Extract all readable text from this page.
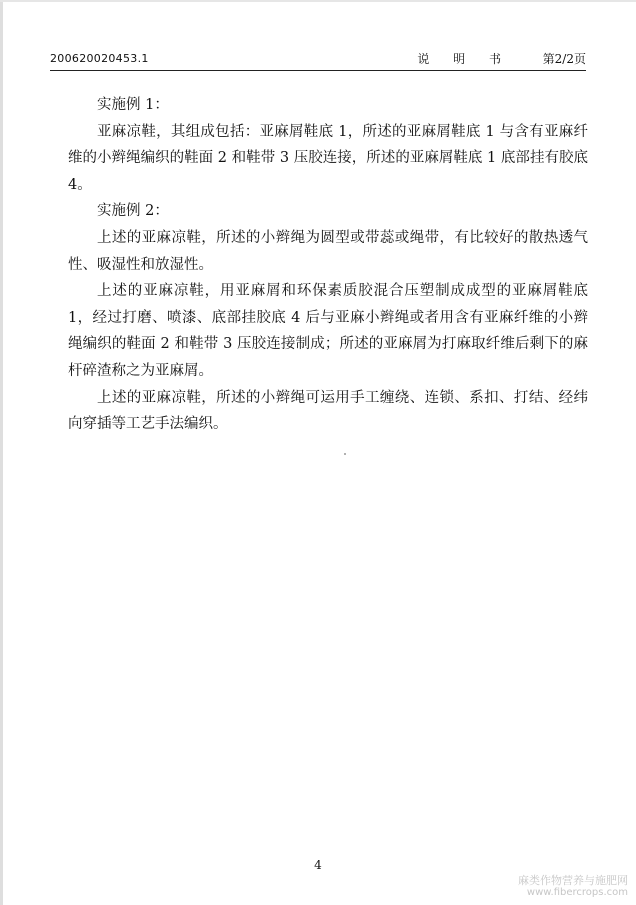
200620020453.1	说 明 书	第2/2页

实施例 1：

亚麻凉鞋，其组成包括：亚麻屑鞋底 1，所述的亚麻屑鞋底 1 与含有亚麻纤维的小辫绳编织的鞋面 2 和鞋带 3 压胶连接，所述的亚麻屑鞋底 1 底部挂有胶底 4。

实施例 2：

上述的亚麻凉鞋，所述的小辫绳为圆型或带蕊或绳带，有比较好的散热透气性、吸湿性和放湿性。

上述的亚麻凉鞋，用亚麻屑和环保素质胶混合压塑制成成型的亚麻屑鞋底 1，经过打磨、喷漆、底部挂胶底 4 后与亚麻小辫绳或者用含有亚麻纤维的小辫绳编织的鞋面 2 和鞋带 3 压胶连接制成；所述的亚麻屑为打麻取纤维后剩下的麻杆碎渣称之为亚麻屑。

上述的亚麻凉鞋，所述的小辫绳可运用手工缠绕、连锁、系扣、打结、经纬向穿插等工艺手法编织。

4
麻类作物营养与施肥网
www.fibercrops.com
